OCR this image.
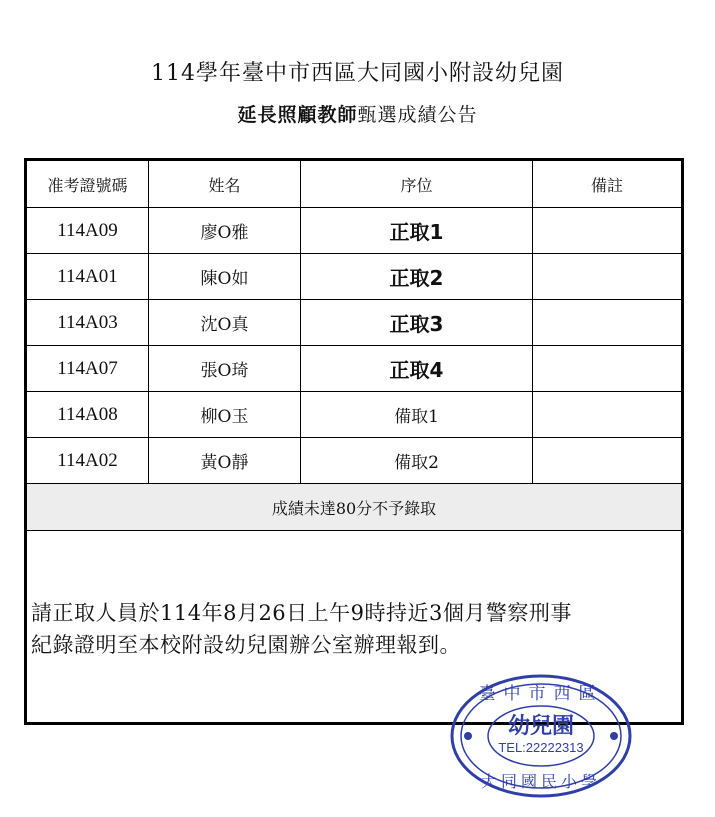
114學年臺中市西區大同國小附設幼兒園
延長照顧教師甄選成績公告
准考證號碼	姓名	序位	備註
114A09	廖O雅	正取1	
114A01	陳O如	正取2	
114A03	沈O真	正取3	
114A07	張O琦	正取4	
114A08	柳O玉	備取1	
114A02	黃O靜	備取2	
成績未達80分不予錄取			
請正取人員於114年8月26日上午9時持近3個月警察刑事
紀錄證明至本校附設幼兒園辦公室辦理報到。
臺中市西區
幼兒園
TEL:22222313
大同國民小學
